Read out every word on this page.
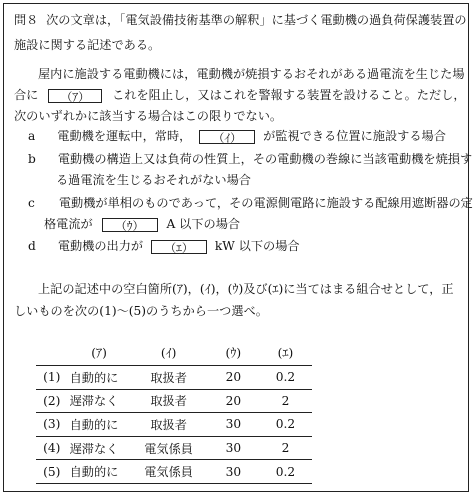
問８ 次の文章は，「電気設備技術基準の解釈」に基づく電動機の過負荷保護装置の
施設に関する記述である。
屋内に施設する電動機には，電動機が焼損するおそれがある過電流を生じた場
合に （ｱ） これを阻止し，又はこれを警報する装置を設けること。ただし，
次のいずれかに該当する場合はこの限りでない。
a 電動機を運転中，常時， （ｲ） が監視できる位置に施設する場合
b 電動機の構造上又は負荷の性質上，その電動機の巻線に当該電動機を焼損す
る過電流を生じるおそれがない場合
c 電動機が単相のものであって，その電源側電路に施設する配線用遮断器の定
格電流が （ｳ） A 以下の場合
d 電動機の出力が （ｴ） kW 以下の場合
上記の記述中の空白箇所(ｱ)，(ｲ)，(ｳ)及び(ｴ)に当てはまる組合せとして，正
しいものを次の(1)～(5)のうちから一つ選べ。
	(ｱ)	(ｲ)	(ｳ)	(ｴ)
(1)	自動的に	取扱者	20	0.2
(2)	遅滞なく	取扱者	20	2
(3)	自動的に	取扱者	30	0.2
(4)	遅滞なく	電気係員	30	2
(5)	自動的に	電気係員	30	0.2
